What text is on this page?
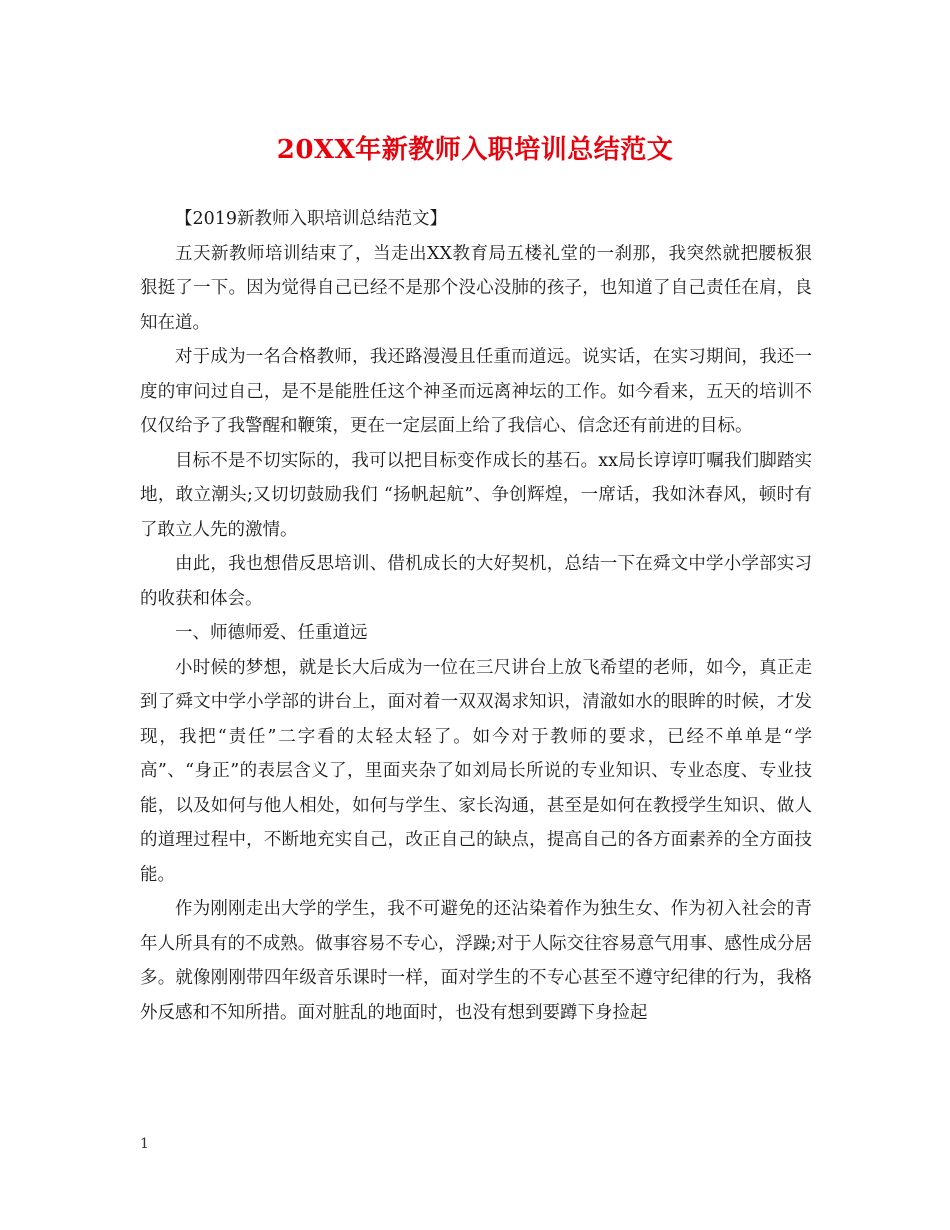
20XX年新教师入职培训总结范文

【2019新教师入职培训总结范文】

五天新教师培训结束了，当走出XX教育局五楼礼堂的一刹那，我突然就把腰板狠狠挺了一下。因为觉得自己已经不是那个没心没肺的孩子，也知道了自己责任在肩，良知在道。

对于成为一名合格教师，我还路漫漫且任重而道远。说实话，在实习期间，我还一度的审问过自己，是不是能胜任这个神圣而远离神坛的工作。如今看来，五天的培训不仅仅给予了我警醒和鞭策，更在一定层面上给了我信心、信念还有前进的目标。

目标不是不切实际的，我可以把目标变作成长的基石。xx局长谆谆叮嘱我们脚踏实地，敢立潮头;又切切鼓励我们 “扬帆起航”、争创辉煌，一席话，我如沐春风，顿时有了敢立人先的激情。

由此，我也想借反思培训、借机成长的大好契机，总结一下在舜文中学小学部实习的收获和体会。

一、师德师爱、任重道远

小时候的梦想，就是长大后成为一位在三尺讲台上放飞希望的老师，如今，真正走到了舜文中学小学部的讲台上，面对着一双双渴求知识，清澈如水的眼眸的时候，才发现，我把“责任”二字看的太轻太轻了。如今对于教师的要求，已经不单单是“学高”、“身正”的表层含义了，里面夹杂了如刘局长所说的专业知识、专业态度、专业技能，以及如何与他人相处，如何与学生、家长沟通，甚至是如何在教授学生知识、做人的道理过程中，不断地充实自己，改正自己的缺点，提高自己的各方面素养的全方面技能。

作为刚刚走出大学的学生，我不可避免的还沾染着作为独生女、作为初入社会的青年人所具有的不成熟。做事容易不专心，浮躁;对于人际交往容易意气用事、感性成分居多。就像刚刚带四年级音乐课时一样，面对学生的不专心甚至不遵守纪律的行为，我格外反感和不知所措。面对脏乱的地面时，也没有想到要蹲下身捡起

1
